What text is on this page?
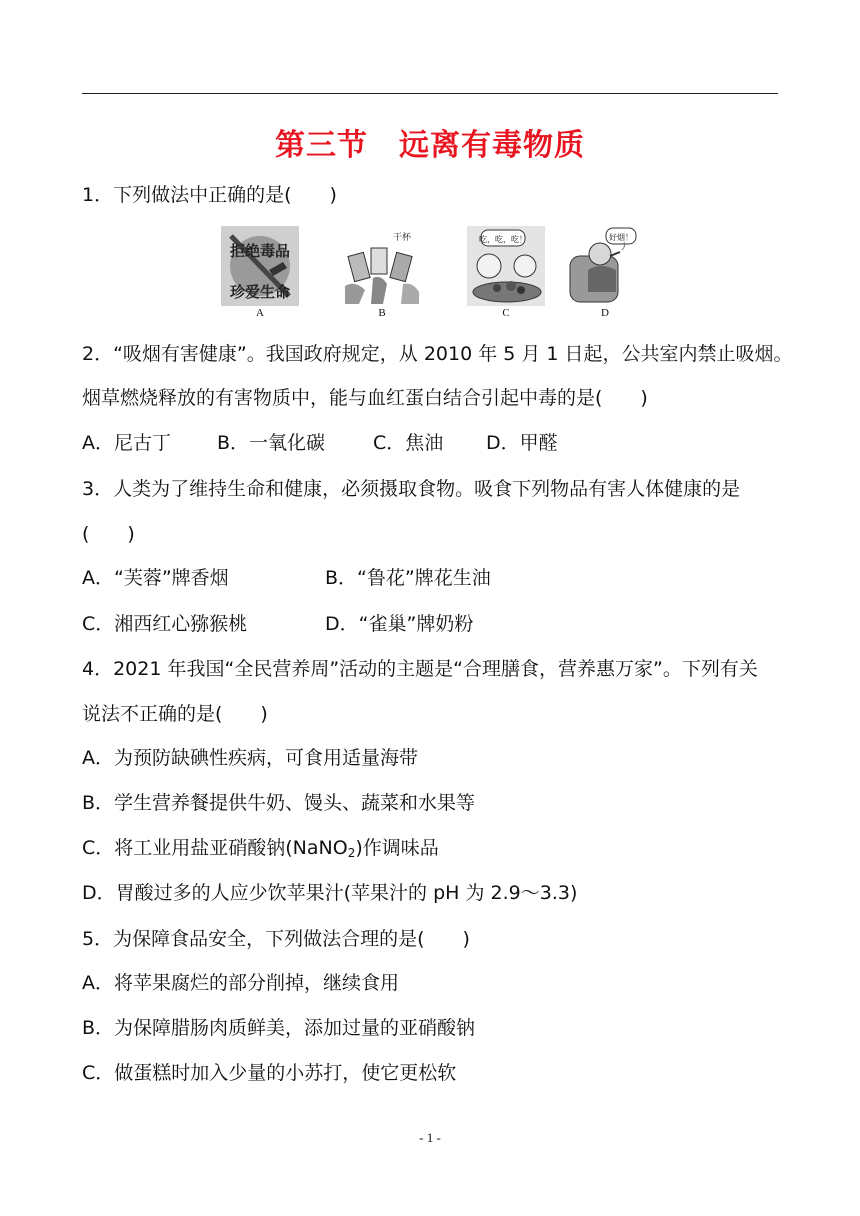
第三节　远离有毒物质
1．下列做法中正确的是(　　)
拒绝毒品
珍爱生命
A
干杯
B
吃，吃，吃！
C
好烟！
D
2．“吸烟有害健康”。我国政府规定，从 2010 年 5 月 1 日起，公共室内禁止吸烟。
烟草燃烧释放的有害物质中，能与血红蛋白结合引起中毒的是(　　)
A．尼古丁 B．一氧化碳	C．焦油 D．甲醛
3．人类为了维持生命和健康，必须摄取食物。吸食下列物品有害人体健康的是
(　　)
A．“芙蓉”牌香烟	B．“鲁花”牌花生油
C．湘西红心猕猴桃	D．“雀巢”牌奶粉
4．2021 年我国“全民营养周”活动的主题是“合理膳食，营养惠万家”。下列有关
说法不正确的是(　　)
A．为预防缺碘性疾病，可食用适量海带
B．学生营养餐提供牛奶、馒头、蔬菜和水果等
C．将工业用盐亚硝酸钠(NaNO$_2$)作调味品
D．胃酸过多的人应少饮苹果汁(苹果汁的 pH 为 2.9～3.3)
5．为保障食品安全，下列做法合理的是(　　)
A．将苹果腐烂的部分削掉，继续食用
B．为保障腊肠肉质鲜美，添加过量的亚硝酸钠
C．做蛋糕时加入少量的小苏打，使它更松软
- 1 -
